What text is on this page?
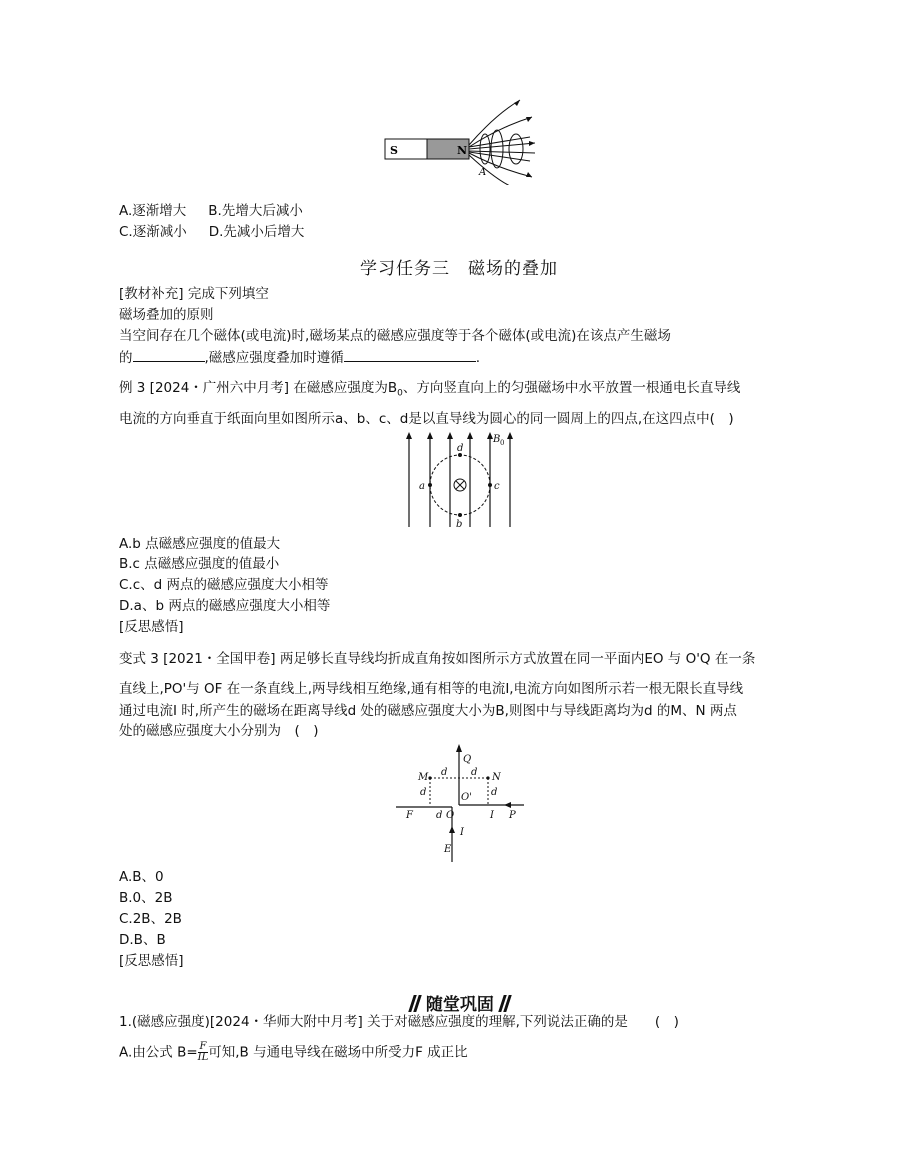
S	N
A
A.逐渐增大 B.先增大后减小
C.逐渐减小 D.先减小后增大
学习任务三　磁场的叠加
[教材补充] 完成下列填空
磁场叠加的原则
当空间存在几个磁体(或电流)时,磁场某点的磁感应强度等于各个磁体(或电流)在该点产生磁场
的	,磁感应强度叠加时遵循	.
例 3 [2024・广州六中月考] 在磁感应强度为$B_0$、方向竖直向上的匀强磁场中水平放置一根通电长直导线
电流的方向垂直于纸面向里如图所示a、b、c、d是以直导线为圆心的同一圆周上的四点,在这四点中(　)
a	c
d
b
B 0
A.b 点磁感应强度的值最大
B.c 点磁感应强度的值最小
C.c、d 两点的磁感应强度大小相等
D.a、b 两点的磁感应强度大小相等
[反思感悟]
变式 3 [2021・全国甲卷] 两足够长直导线均折成直角按如图所示方式放置在同一平面内EO 与 O'Q 在一条
直线上,PO'与 OF 在一条直线上,两导线相互绝缘,通有相等的电流I,电流方向如图所示若一根无限长直导线
通过电流I 时,所产生的磁场在距离导线d 处的磁感应强度大小为B,则图中与导线距离均为d 的M、N 两点
处的磁感应强度大小分别为　(　)
Q
M	N
d d
d	d
O'
F d O	I P
I
E
A.B、0
B.0、2B
C.2B、2B
D.B、B
[反思感悟]
随堂巩固
1.(磁感应强度)[2024・华师大附中月考] 关于对磁感应强度的理解,下列说法正确的是　　(　)
A.由公式 $B= \frac{F}{IL}$ 可知,B 与通电导线在磁场中所受力F 成正比
